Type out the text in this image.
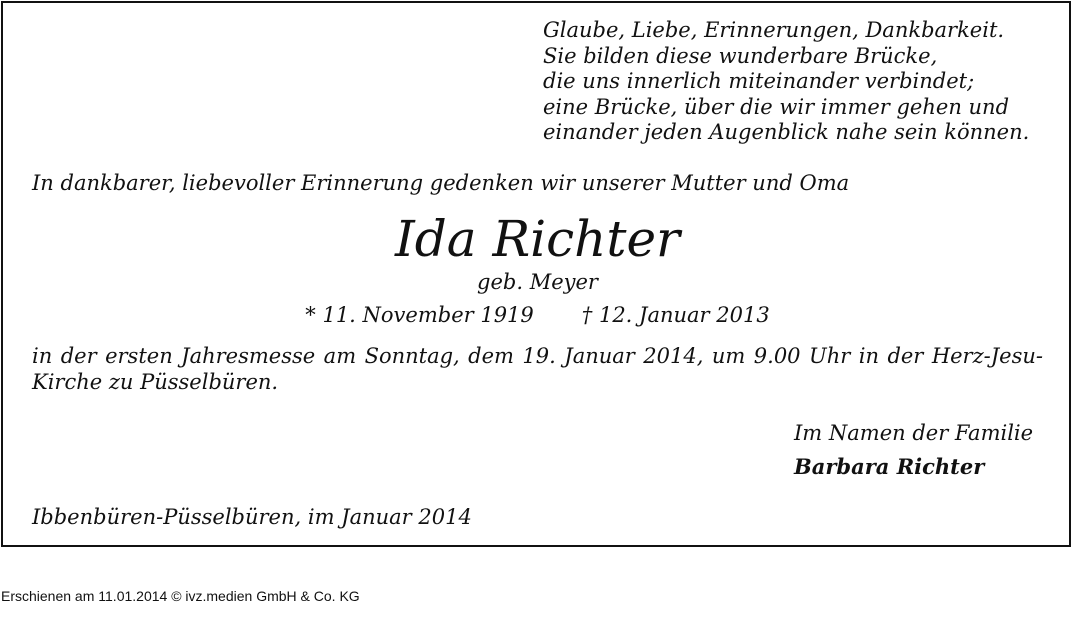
Glaube, Liebe, Erinnerungen, Dankbarkeit.
Sie bilden diese wunderbare Brücke,
die uns innerlich miteinander verbindet;
eine Brücke, über die wir immer gehen und
einander jeden Augenblick nahe sein können.
In dankbarer, liebevoller Erinnerung gedenken wir unserer Mutter und Oma
Ida Richter
geb. Meyer
* 11. November 1919 † 12. Januar 2013
in der ersten Jahresmesse am Sonntag, dem 19. Januar 2014, um 9.00 Uhr in der Herz-Jesu-
Kirche zu Püsselbüren.
Im Namen der Familie
Barbara Richter
Ibbenbüren-Püsselbüren, im Januar 2014
Erschienen am 11.01.2014 © ivz.medien GmbH & Co. KG
